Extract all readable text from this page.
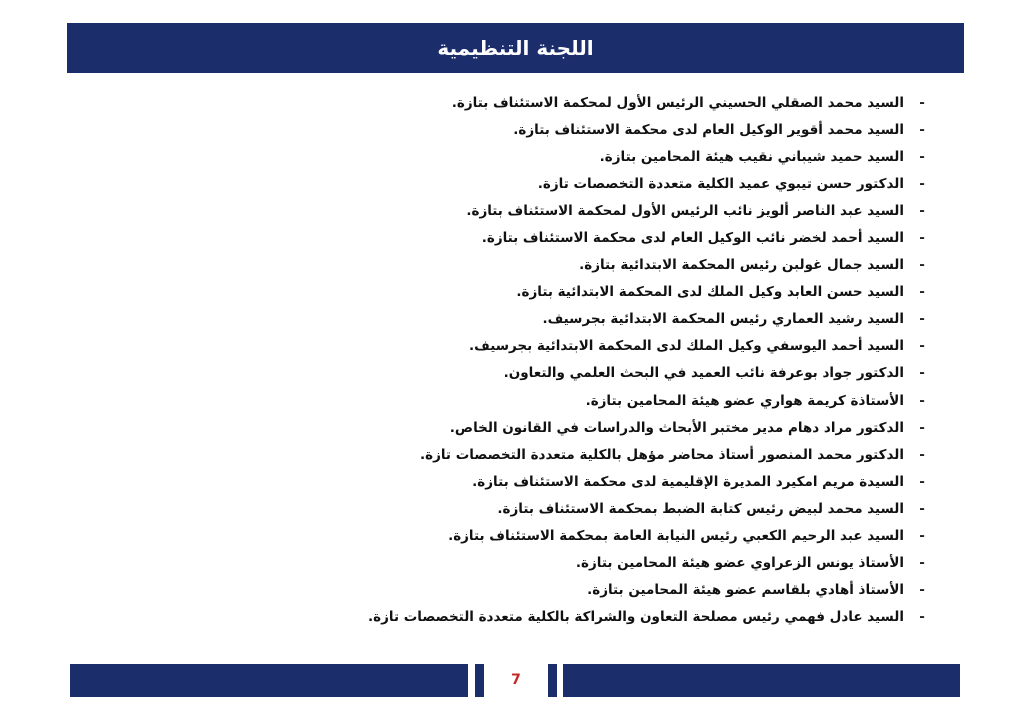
اللجنة التنظيمية
-
السيد محمد الصقلي الحسيني الرئيس الأول لمحكمة الاستئناف بتازة.
-
السيد محمد أقوير الوكيل العام لدى محكمة الاستئناف بتازة.
-
السيد حميد شيباني نقيب هيئة المحامين بتازة.
-
الدكتور حسن تيبوي عميد الكلية متعددة التخصصات تازة.
-
السيد عبد الناصر ألويز نائب الرئيس الأول لمحكمة الاستئناف بتازة.
-
السيد أحمد لخضر نائب الوكيل العام لدى محكمة الاستئناف بتازة.
-
السيد جمال غولبن رئيس المحكمة الابتدائية بتازة.
-
السيد حسن العابد وكيل الملك لدى المحكمة الابتدائية بتازة.
-
السيد رشيد العماري رئيس المحكمة الابتدائية بجرسيف.
-
السيد أحمد اليوسفي وكيل الملك لدى المحكمة الابتدائية بجرسيف.
-
الدكتور جواد بوعرفة نائب العميد في البحث العلمي والتعاون.
-
الأستاذة كريمة هواري عضو هيئة المحامين بتازة.
-
الدكتور مراد دهام مدير مختبر الأبحاث والدراسات في القانون الخاص.
-
الدكتور محمد المنصور أستاذ محاضر مؤهل بالكلية متعددة التخصصات تازة.
-
السيدة مريم امكيرد المديرة الإقليمية لدى محكمة الاستئناف بتازة.
-
السيد محمد لبيض رئيس كتابة الضبط بمحكمة الاستئناف بتازة.
-
السيد عبد الرحيم الكعبي رئيس النيابة العامة بمحكمة الاستئناف بتازة.
-
الأستاذ يونس الزعراوي عضو هيئة المحامين بتازة.
-
الأستاذ أهادي بلقاسم عضو هيئة المحامين بتازة.
-
السيد عادل فهمي رئيس مصلحة التعاون والشراكة بالكلية متعددة التخصصات تازة.
7
